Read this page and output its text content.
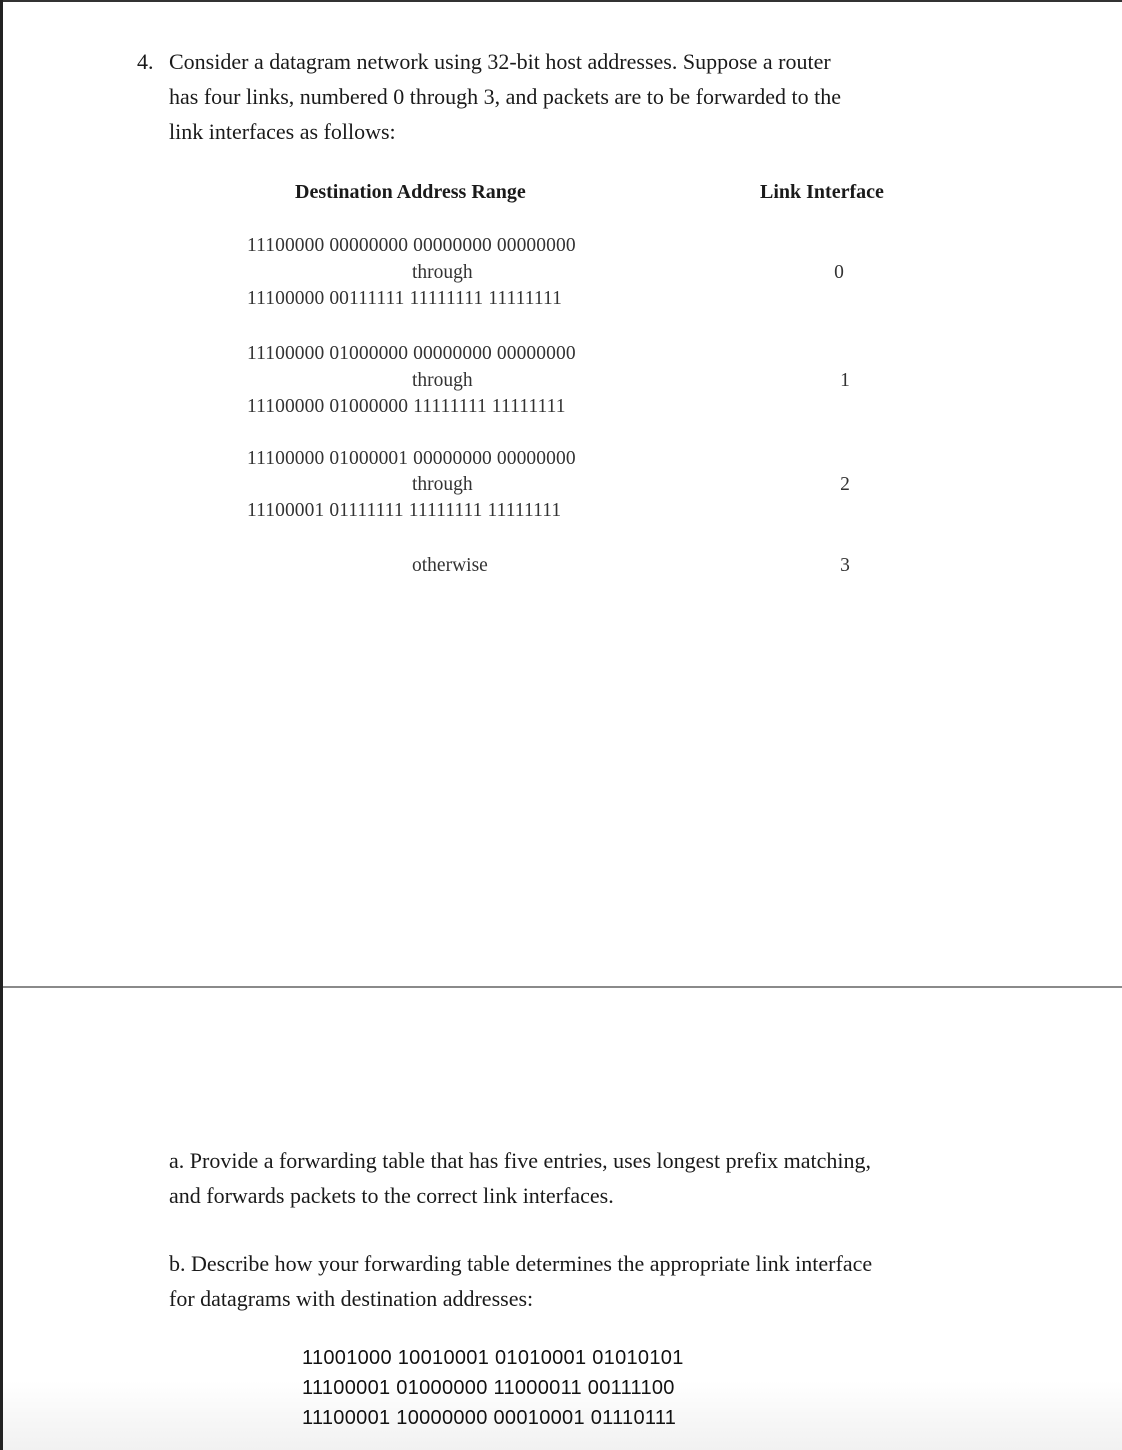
4. Consider a datagram network using 32-bit host addresses. Suppose a router
has four links, numbered 0 through 3, and packets are to be forwarded to the
link interfaces as follows:
Destination Address Range	Link Interface
11100000 00000000 00000000 00000000
through
11100000 00111111 11111111 11111111
0
11100000 01000000 00000000 00000000
through
11100000 01000000 11111111 11111111
1
11100000 01000001 00000000 00000000
through
11100001 01111111 11111111 11111111
2
otherwise	3
a. Provide a forwarding table that has five entries, uses longest prefix matching,
and forwards packets to the correct link interfaces.
b. Describe how your forwarding table determines the appropriate link interface
for datagrams with destination addresses:
11001000 10010001 01010001 01010101
11100001 01000000 11000011 00111100
11100001 10000000 00010001 01110111
